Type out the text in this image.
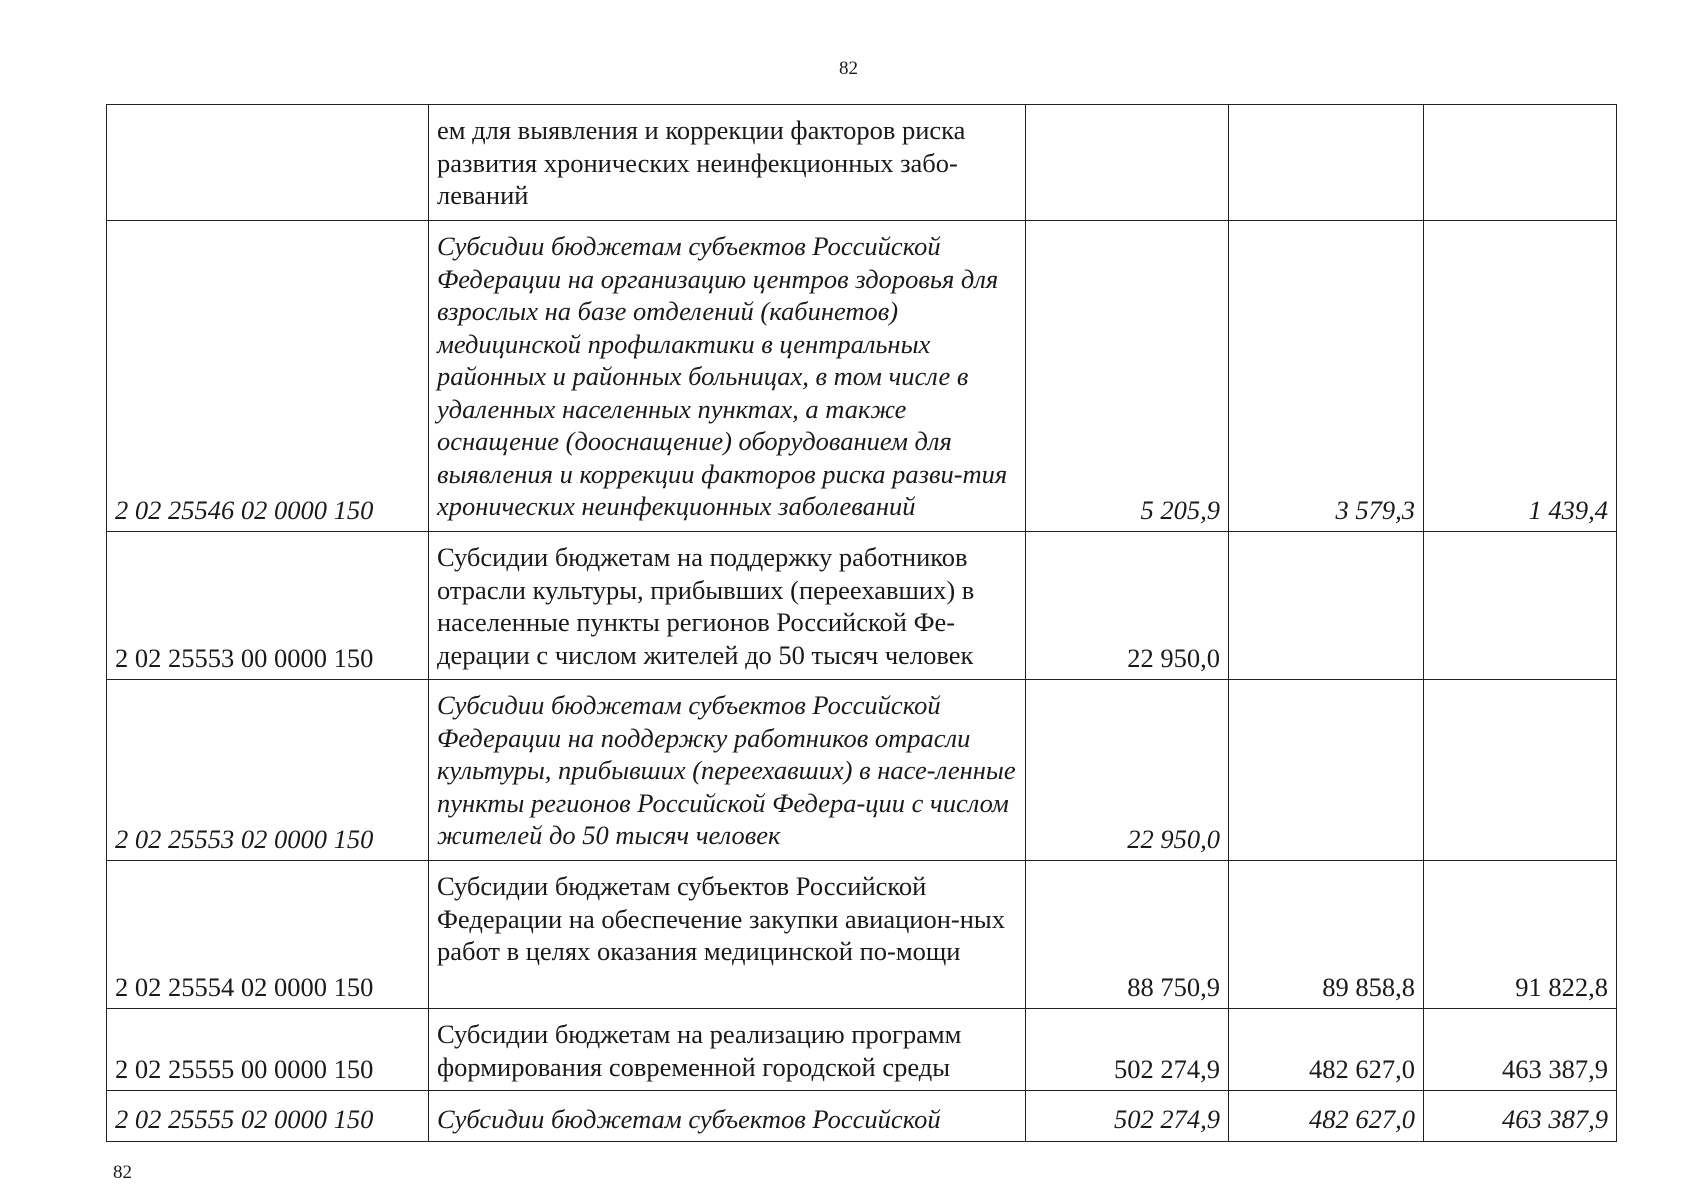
82
	ем для выявления и коррекции факторов риска развития хронических неинфекционных забо-леваний			
2 02 25546 02 0000 150	Субсидии бюджетам субъектов Российской Федерации на организацию центров здоровья для взрослых на базе отделений (кабинетов) медицинской профилактики в центральных районных и районных больницах, в том числе в удаленных населенных пунктах, а также оснащение (дооснащение) оборудованием для выявления и коррекции факторов риска разви-тия хронических неинфекционных заболеваний	5 205,9	3 579,3	1 439,4
2 02 25553 00 0000 150	Субсидии бюджетам на поддержку работников отрасли культуры, прибывших (переехавших) в населенные пункты регионов Российской Фе-дерации с числом жителей до 50 тысяч человек	22 950,0		
2 02 25553 02 0000 150	Субсидии бюджетам субъектов Российской Федерации на поддержку работников отрасли культуры, прибывших (переехавших) в насе-ленные пункты регионов Российской Федера-ции с числом жителей до 50 тысяч человек	22 950,0		
2 02 25554 02 0000 150	Субсидии бюджетам субъектов Российской Федерации на обеспечение закупки авиацион-ных работ в целях оказания медицинской по-мощи	88 750,9	89 858,8	91 822,8
2 02 25555 00 0000 150	Субсидии бюджетам на реализацию программ формирования современной городской среды	502 274,9	482 627,0	463 387,9
2 02 25555 02 0000 150	Субсидии бюджетам субъектов Российской	502 274,9	482 627,0	463 387,9
82
